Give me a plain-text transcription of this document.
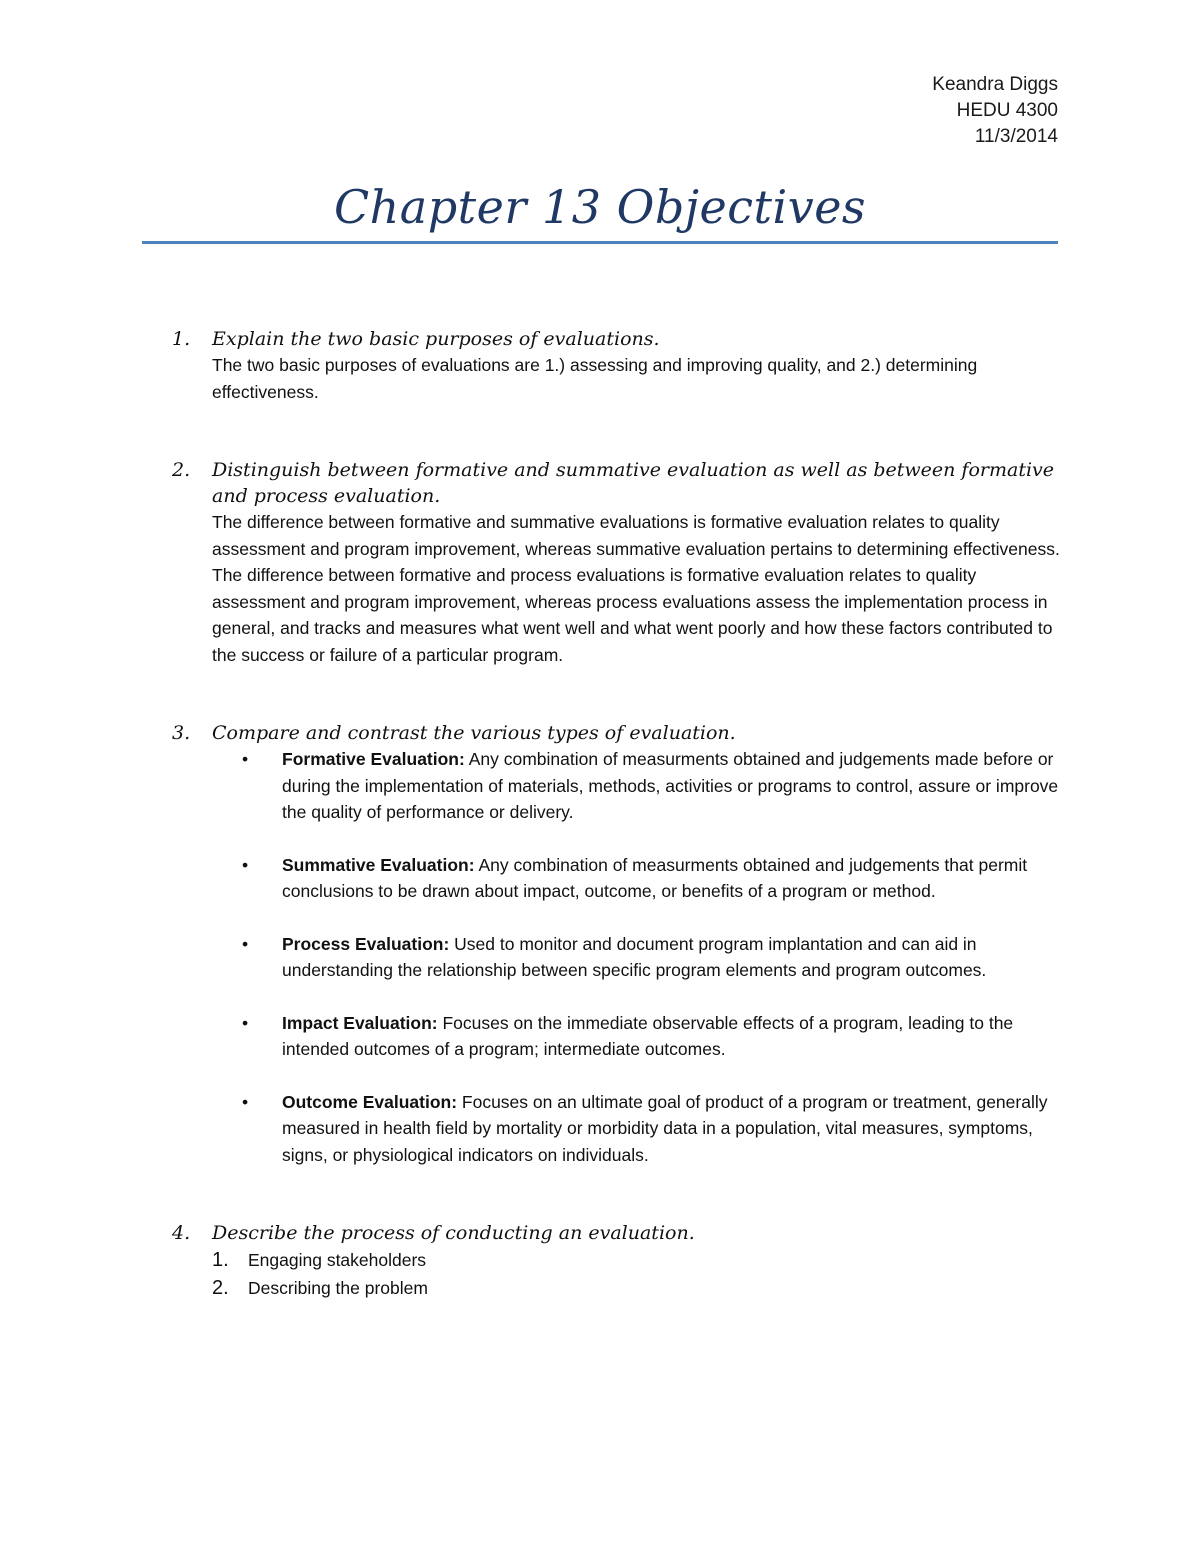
Keandra Diggs
HEDU 4300
11/3/2014
Chapter 13 Objectives
1.	Explain the two basic purposes of evaluations.

The two basic purposes of evaluations are 1.) assessing and improving quality, and 2.) determining effectiveness.

2.	Distinguish between formative and summative evaluation as well as between formative and process evaluation.

The difference between formative and summative evaluations is formative evaluation relates to quality assessment and program improvement, whereas summative evaluation pertains to determining effectiveness.

The difference between formative and process evaluations is formative evaluation relates to quality assessment and program improvement, whereas process evaluations assess the implementation process in general, and tracks and measures what went well and what went poorly and how these factors contributed to the success or failure of a particular program.

3.	Compare and contrast the various types of evaluation.

•	Formative Evaluation: Any combination of measurments obtained and judgements made before or during the implementation of materials, methods, activities or programs to control, assure or improve the quality of performance or delivery.
•	Summative Evaluation: Any combination of measurments obtained and judgements that permit conclusions to be drawn about impact, outcome, or benefits of a program or method.
•	Process Evaluation: Used to monitor and document program implantation and can aid in understanding the relationship between specific program elements and program outcomes.
•	Impact Evaluation: Focuses on the immediate observable effects of a program, leading to the intended outcomes of a program; intermediate outcomes.
•	Outcome Evaluation: Focuses on an ultimate goal of product of a program or treatment, generally measured in health field by mortality or morbidity data in a population, vital measures, symptoms, signs, or physiological indicators on individuals.
4.	Describe the process of conducting an evaluation.

1.	Engaging stakeholders
2.	Describing the problem
